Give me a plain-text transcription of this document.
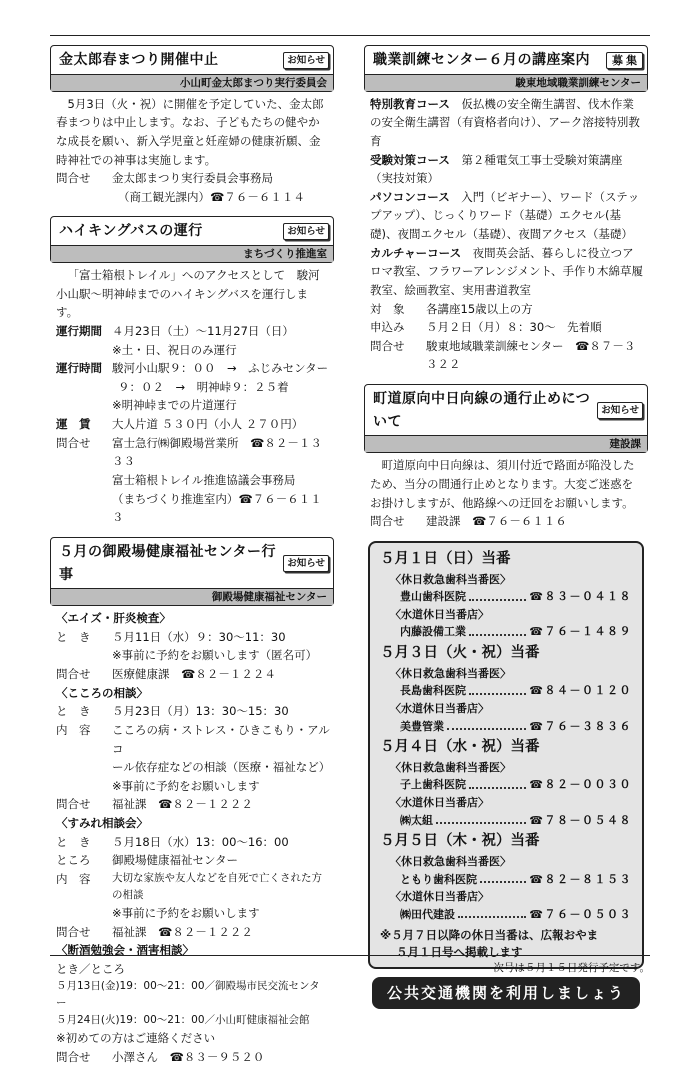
金太郎春まつり開催中止	お知らせ
小山町金太郎まつり実行委員会
5月3日（火・祝）に開催を予定していた、金太郎春まつりは中止します。なお、子どもたちの健やかな成長を願い、新入学児童と妊産婦の健康祈願、金時神社での神事は実施します。
問合せ	金太郎まつり実行委員会事務局
（商工観光課内）☎７６－６１１４
ハイキングバスの運行	お知らせ
まちづくり推進室
「富士箱根トレイル」へのアクセスとして　駿河小山駅～明神峠までのハイキングバスを運行します。
運行期間 ４月23日（土）～11月27日（日）
※土・日、祝日のみ運行
運行時間 駿河小山駅９：００　→　ふじみセンター
９：０２　→　明神峠９：２５着
※明神峠までの片道運行
運　賃	大人片道 ５３０円（小人 ２７０円）
問合せ	富士急行㈱御殿場営業所　☎８２－１３３３
富士箱根トレイル推進協議会事務局
（まちづくり推進室内）☎７６－６１１３
５月の御殿場健康福祉センター行事
お知らせ
御殿場健康福祉センター
〈エイズ・肝炎検査〉
と　き	５月11日（水）９：30～11：30
※事前に予約をお願いします（匿名可）
問合せ	医療健康課　☎８２－１２２４
〈こころの相談〉
と　き	５月23日（月）13：30～15：30
内　容	こころの病・ストレス・ひきこもり・アルコ
ール依存症などの相談（医療・福祉など）
※事前に予約をお願いします
問合せ	福祉課　☎８２－１２２２
〈すみれ相談会〉
と　き	５月18日（水）13：00～16：00
ところ	御殿場健康福祉センター
内　容	大切な家族や友人などを自死で亡くされた方の相談
※事前に予約をお願いします
問合せ	福祉課　☎８２－１２２２
〈断酒勉強会・酒害相談〉
とき／ところ
５月13日(金)19：00～21：00／御殿場市民交流センター
５月24日(火)19：00～21：00／小山町健康福祉会館
※初めての方はご連絡ください
問合せ	小澤さん　☎８３－９５２０
職業訓練センター６月の講座案内	募集
駿東地域職業訓練センター
特別教育コース　 仮払機の安全衛生講習、伐木作業の安全衛生講習（有資格者向け）、アーク溶接特別教育
受験対策コース　 第２種電気工事士受験対策講座（実技対策）
パソコンコース　 入門（ビギナー）、ワード（ステップアップ）、じっくりワード（基礎）エクセル(基礎)、夜間エクセル（基礎）、夜間アクセス（基礎）
カルチャーコース　 夜間英会話、暮らしに役立つアロマ教室、フラワーアレンジメント、手作り木綿草履教室、絵画教室、実用書道教室
対　象	各講座15歳以上の方
申込み	５月２日（月）８：30～　先着順
問合せ	駿東地域職業訓練センター　☎８７－３３２２
町道原向中日向線の通行止めについて
お知らせ
建設課
町道原向中日向線は、須川付近で路面が陥没したため、当分の間通行止めとなります。大変ご迷惑をお掛けしますが、他路線への迂回をお願いします。
問合せ	建設課　☎７６－６１１６
５月１日（日）当番
〈休日救急歯科当番医〉
豊山歯科医院	☎８３－０４１８
〈水道休日当番店〉
内藤設備工業	☎７６－１４８９
５月３日（火・祝）当番
〈休日救急歯科当番医〉
長島歯科医院	☎８４－０１２０
〈水道休日当番店〉
美豊管業	☎７６－３８３６
５月４日（水・祝）当番
〈休日救急歯科当番医〉
子上歯科医院	☎８２－００３０
〈水道休日当番店〉
㈱太組	☎７８－０５４８
５月５日（木・祝）当番
〈休日救急歯科当番医〉
ともり歯科医院	☎８２－８１５３
〈水道休日当番店〉
㈱田代建設	☎７６－０５０３
※５月７日以降の休日当番は、広報おやま
５月１日号へ掲載します
公共交通機関を利用しましょう
次号は５月１５日発行予定です。
